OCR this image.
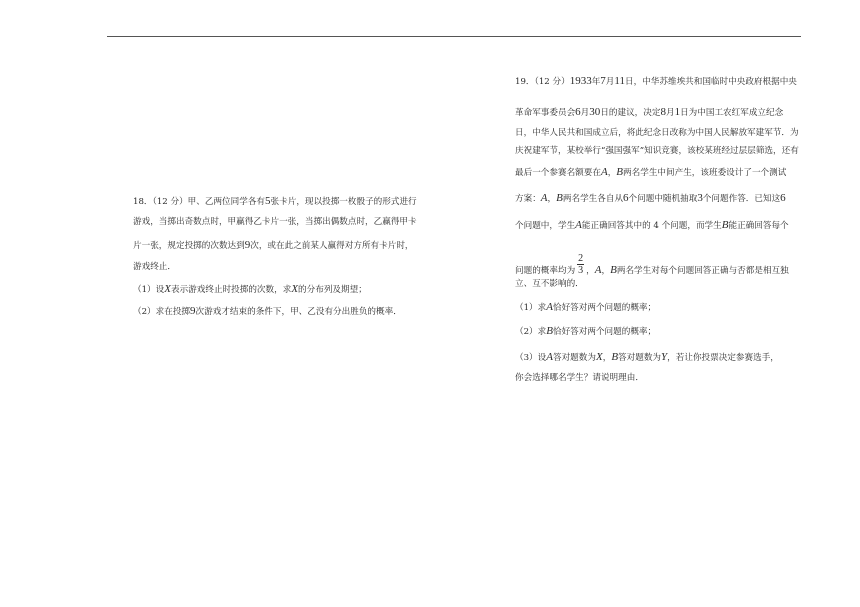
18．（12 分）甲、乙两位同学各有5张卡片，现以投掷一枚骰子的形式进行
游戏，当掷出奇数点时，甲赢得乙卡片一张，当掷出偶数点时，乙赢得甲卡
片一张，规定投掷的次数达到9次，或在此之前某人赢得对方所有卡片时，
游戏终止．
（1）设X表示游戏终止时投掷的次数，求X的分布列及期望；
（2）求在投掷9次游戏才结束的条件下，甲、乙没有分出胜负的概率．
19．（12 分）1933年7月11日，中华苏维埃共和国临时中央政府根据中央
革命军事委员会6月30日的建议，决定8月1日为中国工农红军成立纪念
日，中华人民共和国成立后，将此纪念日改称为中国人民解放军建军节．为
庆祝建军节，某校举行“强国强军”知识竞赛，该校某班经过层层筛选，还有
最后一个参赛名额要在A，B两名学生中间产生，该班委设计了一个测试
方案：A，B两名学生各自从6个问题中随机抽取3个问题作答．已知这6
个问题中，学生A能正确回答其中的 4 个问题，而学生B能正确回答每个
问题的概率均为 $\frac{2}{3}$ ，A，B两名学生对每个问题回答正确与否都是相互独
立、互不影响的．
（1）求A恰好答对两个问题的概率；
（2）求B恰好答对两个问题的概率；
（3）设A答对题数为X，B答对题数为Y，若让你投票决定参赛选手，
你会选择哪名学生？请说明理由．
